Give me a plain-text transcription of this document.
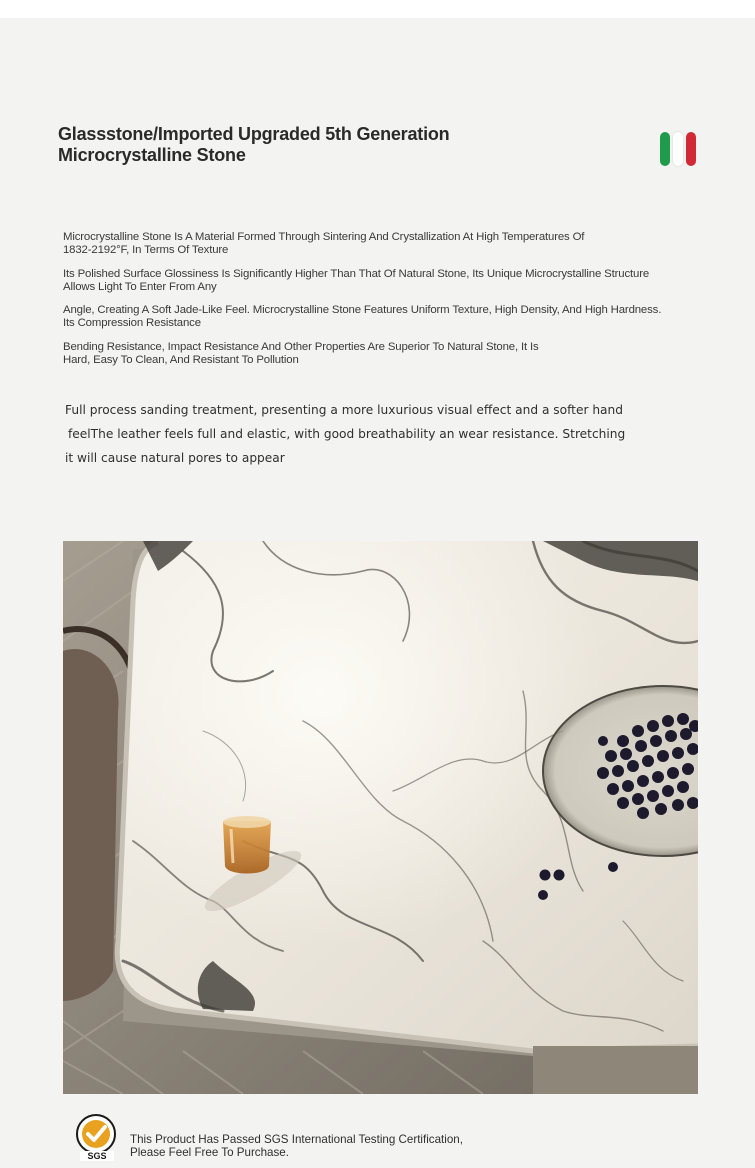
Glassstone/Imported Upgraded 5th Generation
Microcrystalline Stone
Microcrystalline Stone Is A Material Formed Through Sintering And Crystallization At High Temperatures Of
1832-2192°F, In Terms Of Texture
Its Polished Surface Glossiness Is Significantly Higher Than That Of Natural Stone, Its Unique Microcrystalline Structure
Allows Light To Enter From Any
Angle, Creating A Soft Jade-Like Feel. Microcrystalline Stone Features Uniform Texture, High Density, And High Hardness.
Its Compression Resistance
Bending Resistance, Impact Resistance And Other Properties Are Superior To Natural Stone, It Is
Hard, Easy To Clean, And Resistant To Pollution
Full process sanding treatment, presenting a more luxurious visual effect and a softer hand
feelThe leather feels full and elastic, with good breathability an wear resistance. Stretching
it will cause natural pores to appear
SGS
This Product Has Passed SGS International Testing Certification,
Please Feel Free To Purchase.
